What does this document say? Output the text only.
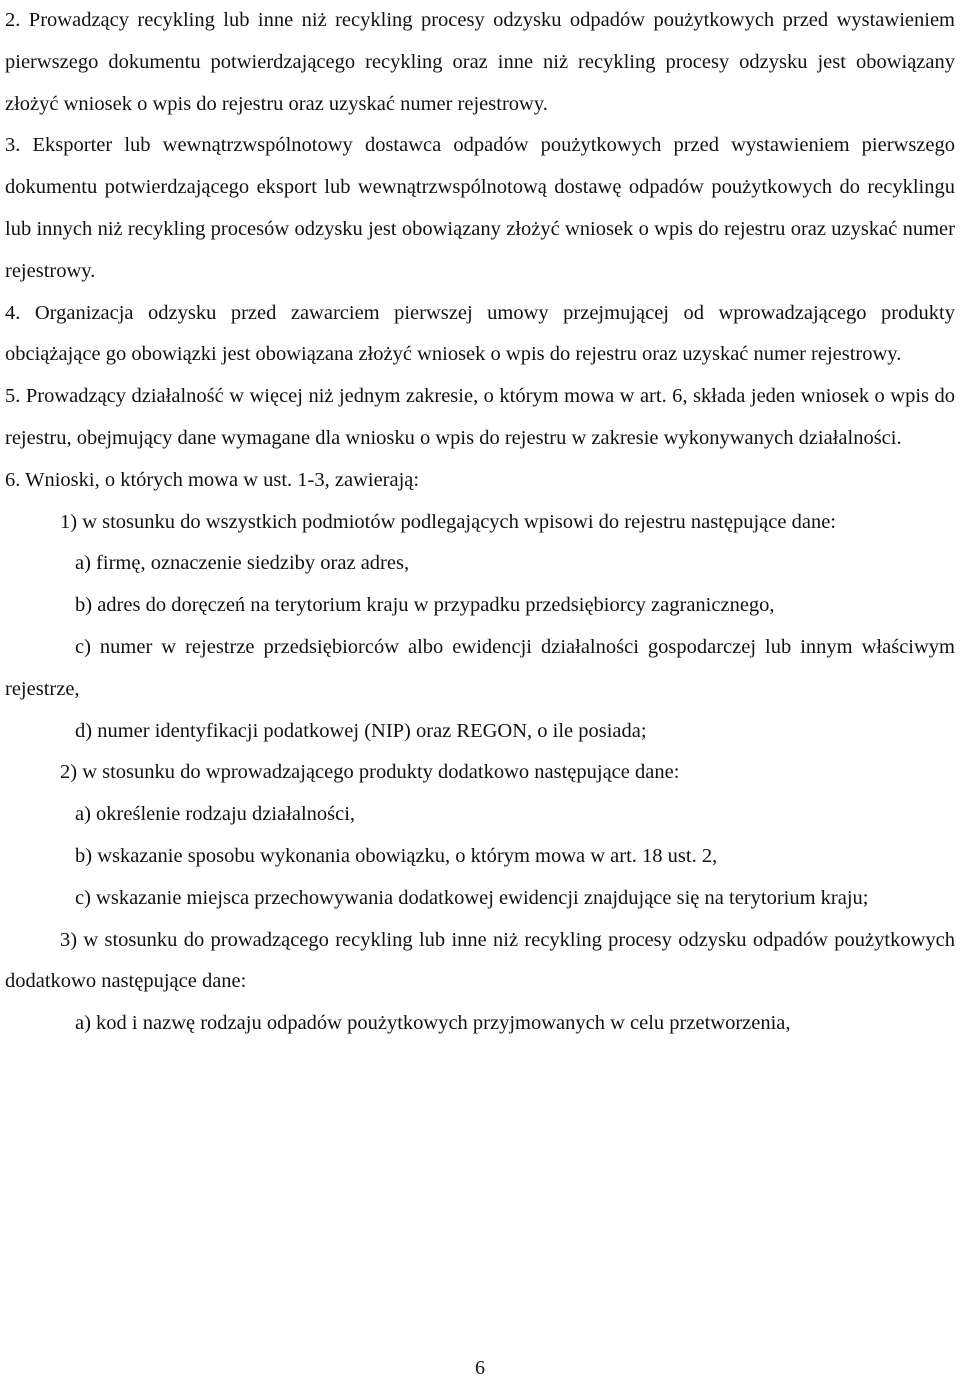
2. Prowadzący recykling lub inne niż recykling procesy odzysku odpadów poużytkowych przed wystawieniem pierwszego dokumentu potwierdzającego recykling oraz inne niż recykling procesy odzysku jest obowiązany złożyć wniosek o wpis do rejestru oraz uzyskać numer rejestrowy.

3. Eksporter lub wewnątrzwspólnotowy dostawca odpadów poużytkowych przed wystawieniem pierwszego dokumentu potwierdzającego eksport lub wewnątrzwspólnotową dostawę odpadów poużytkowych do recyklingu lub innych niż recykling procesów odzysku jest obowiązany złożyć wniosek o wpis do rejestru oraz uzyskać numer rejestrowy.

4. Organizacja odzysku przed zawarciem pierwszej umowy przejmującej od wprowadzającego produkty obciążające go obowiązki jest obowiązana złożyć wniosek o wpis do rejestru oraz uzyskać numer rejestrowy.

5. Prowadzący działalność w więcej niż jednym zakresie, o którym mowa w art. 6, składa jeden wniosek o wpis do rejestru, obejmujący dane wymagane dla wniosku o wpis do rejestru w zakresie wykonywanych działalności.

6. Wnioski, o których mowa w ust. 1-3, zawierają:

1) w stosunku do wszystkich podmiotów podlegających wpisowi do rejestru następujące dane:

a) firmę, oznaczenie siedziby oraz adres,

b) adres do doręczeń na terytorium kraju w przypadku przedsiębiorcy zagranicznego,

c) numer w rejestrze przedsiębiorców albo ewidencji działalności gospodarczej lub innym właściwym rejestrze,

d) numer identyfikacji podatkowej (NIP) oraz REGON, o ile posiada;

2) w stosunku do wprowadzającego produkty dodatkowo następujące dane:

a) określenie rodzaju działalności,

b) wskazanie sposobu wykonania obowiązku, o którym mowa w art. 18 ust. 2,

c) wskazanie miejsca przechowywania dodatkowej ewidencji znajdujące się na terytorium kraju;

3) w stosunku do prowadzącego recykling lub inne niż recykling procesy odzysku odpadów poużytkowych dodatkowo następujące dane:

a) kod i nazwę rodzaju odpadów poużytkowych przyjmowanych w celu przetworzenia,

6
